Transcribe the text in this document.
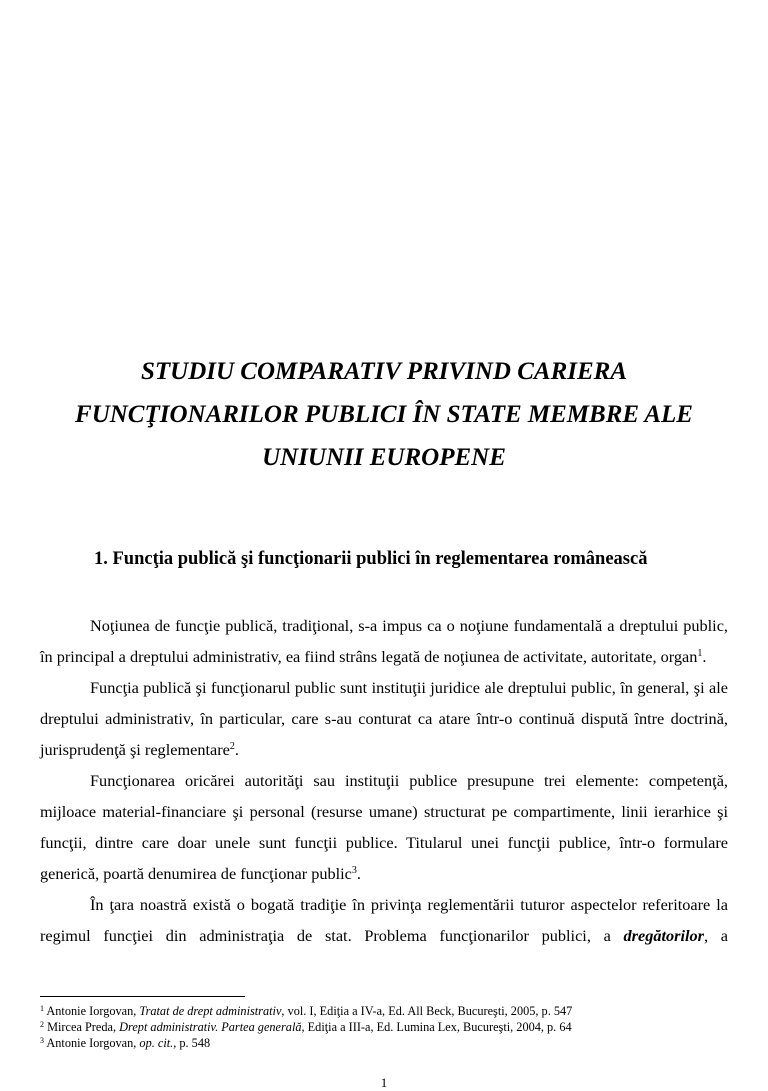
STUDIU COMPARATIV PRIVIND CARIERA
FUNCŢIONARILOR PUBLICI ÎN STATE MEMBRE ALE
UNIUNII EUROPENE
1. Funcţia publică şi funcţionarii publici în reglementarea românească

Noţiunea de funcţie publică, tradiţional, s-a impus ca o noţiune fundamentală a dreptului public, în principal a dreptului administrativ, ea fiind strâns legată de noţiunea de activitate, autoritate, organ$^1$.

Funcţia publică şi funcţionarul public sunt instituţii juridice ale dreptului public, în general, şi ale dreptului administrativ, în particular, care s-au conturat ca atare într-o continuă dispută între doctrină, jurisprudenţă şi reglementare$^2$.

Funcţionarea oricărei autorităţi sau instituţii publice presupune trei elemente: competenţă, mijloace material-financiare şi personal (resurse umane) structurat pe compartimente, linii ierarhice şi funcţii, dintre care doar unele sunt funcţii publice. Titularul unei funcţii publice, într-o formulare generică, poartă denumirea de funcţionar public$^3$.

În ţara noastră există o bogată tradiţie în privinţa reglementării tuturor aspectelor referitoare la regimul funcţiei din administraţia de stat. Problema funcţionarilor publici, a dregătorilor, a

$^1$ Antonie Iorgovan, Tratat de drept administrativ, vol. I, Ediţia a IV-a, Ed. All Beck, Bucureşti, 2005, p. 547

$^2$ Mircea Preda, Drept administrativ. Partea generală, Ediţia a III-a, Ed. Lumina Lex, Bucureşti, 2004, p. 64

$^3$ Antonie Iorgovan, op. cit., p. 548

1
